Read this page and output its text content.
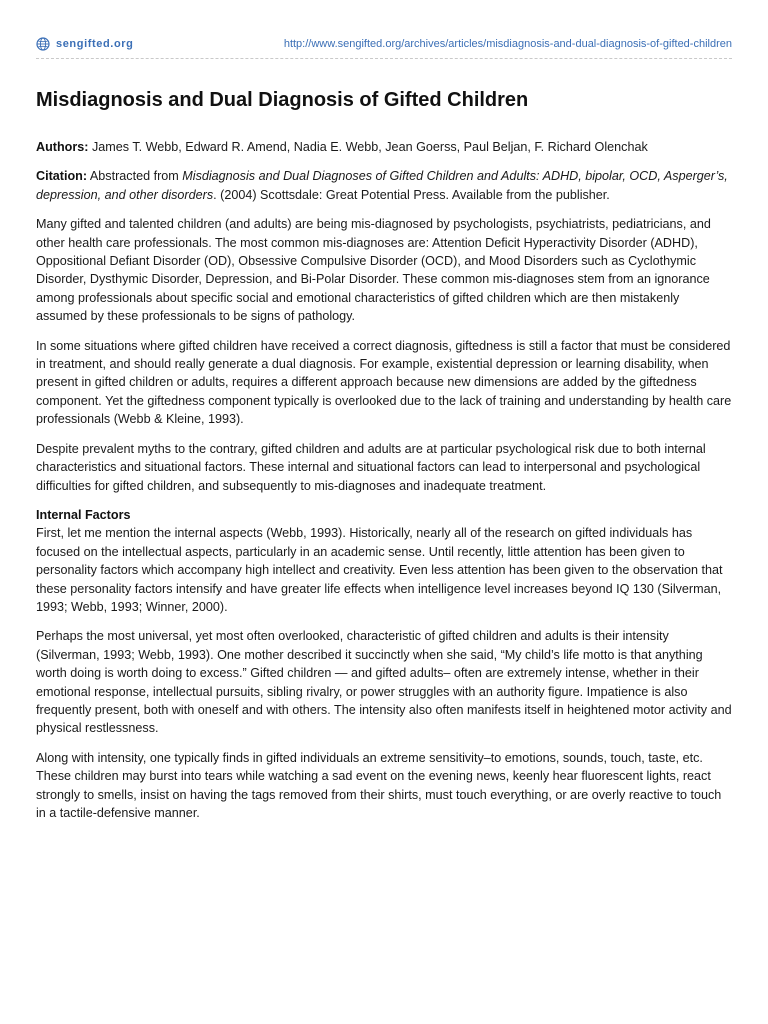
sengifted.org	http://www.sengifted.org/archives/articles/misdiagnosis-and-dual-diagnosis-of-gifted-children
Misdiagnosis and Dual Diagnosis of Gifted Children

Authors: James T. Webb, Edward R. Amend, Nadia E. Webb, Jean Goerss, Paul Beljan, F. Richard Olenchak

Citation: Abstracted from Misdiagnosis and Dual Diagnoses of Gifted Children and Adults: ADHD, bipolar, OCD, Asperger’s, depression, and other disorders. (2004) Scottsdale: Great Potential Press. Available from the publisher.

Many gifted and talented children (and adults) are being mis-diagnosed by psychologists, psychiatrists, pediatricians, and other health care professionals. The most common mis-diagnoses are: Attention Deficit Hyperactivity Disorder (ADHD), Oppositional Defiant Disorder (OD), Obsessive Compulsive Disorder (OCD), and Mood Disorders such as Cyclothymic Disorder, Dysthymic Disorder, Depression, and Bi-Polar Disorder. These common mis-diagnoses stem from an ignorance among professionals about specific social and emotional characteristics of gifted children which are then mistakenly assumed by these professionals to be signs of pathology.

In some situations where gifted children have received a correct diagnosis, giftedness is still a factor that must be considered in treatment, and should really generate a dual diagnosis. For example, existential depression or learning disability, when present in gifted children or adults, requires a different approach because new dimensions are added by the giftedness component. Yet the giftedness component typically is overlooked due to the lack of training and understanding by health care professionals (Webb & Kleine, 1993).

Despite prevalent myths to the contrary, gifted children and adults are at particular psychological risk due to both internal characteristics and situational factors. These internal and situational factors can lead to interpersonal and psychological difficulties for gifted children, and subsequently to mis-diagnoses and inadequate treatment.

Internal Factors
First, let me mention the internal aspects (Webb, 1993). Historically, nearly all of the research on gifted individuals has focused on the intellectual aspects, particularly in an academic sense. Until recently, little attention has been given to personality factors which accompany high intellect and creativity. Even less attention has been given to the observation that these personality factors intensify and have greater life effects when intelligence level increases beyond IQ 130 (Silverman, 1993; Webb, 1993; Winner, 2000).

Perhaps the most universal, yet most often overlooked, characteristic of gifted children and adults is their intensity (Silverman, 1993; Webb, 1993). One mother described it succinctly when she said, “My child’s life motto is that anything worth doing is worth doing to excess.” Gifted children — and gifted adults– often are extremely intense, whether in their emotional response, intellectual pursuits, sibling rivalry, or power struggles with an authority figure. Impatience is also frequently present, both with oneself and with others. The intensity also often manifests itself in heightened motor activity and physical restlessness.

Along with intensity, one typically finds in gifted individuals an extreme sensitivity–to emotions, sounds, touch, taste, etc. These children may burst into tears while watching a sad event on the evening news, keenly hear fluorescent lights, react strongly to smells, insist on having the tags removed from their shirts, must touch everything, or are overly reactive to touch in a tactile-defensive manner.
